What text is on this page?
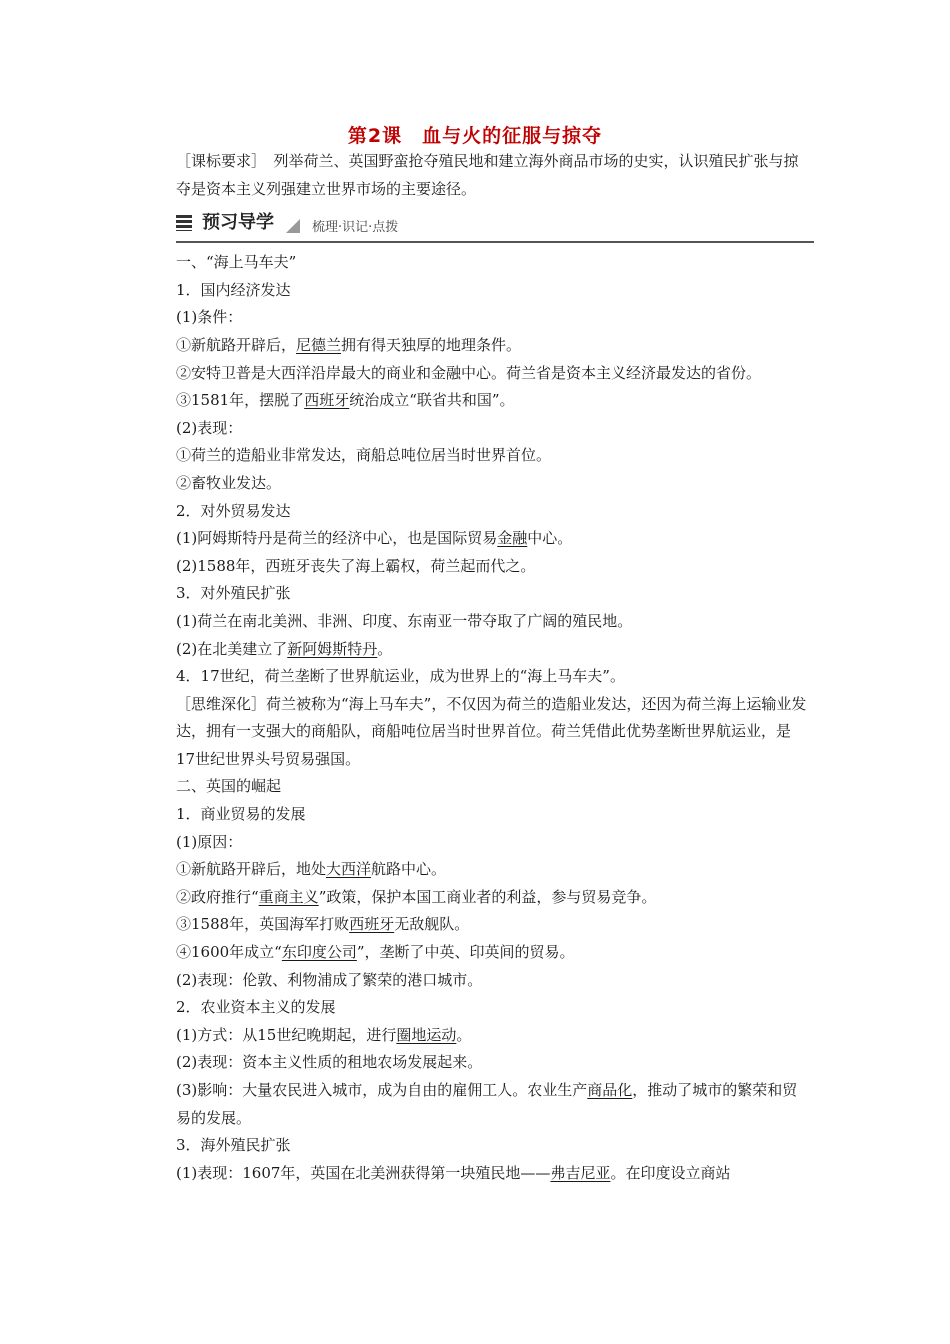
第2课　血与火的征服与掠夺

［课标要求］　列举荷兰、英国野蛮抢夺殖民地和建立海外商品市场的史实，认识殖民扩张与掠夺是资本主义列强建立世界市场的主要途径。

预习导学	梳理·识记·点拨

一、“海上马车夫”

1．国内经济发达

(1)条件：

①新航路开辟后，尼德兰拥有得天独厚的地理条件。

②安特卫普是大西洋沿岸最大的商业和金融中心。荷兰省是资本主义经济最发达的省份。

③1581年，摆脱了西班牙统治成立“联省共和国”。

(2)表现：

①荷兰的造船业非常发达，商船总吨位居当时世界首位。

②畜牧业发达。

2．对外贸易发达

(1)阿姆斯特丹是荷兰的经济中心，也是国际贸易金融中心。

(2)1588年，西班牙丧失了海上霸权，荷兰起而代之。

3．对外殖民扩张

(1)荷兰在南北美洲、非洲、印度、东南亚一带夺取了广阔的殖民地。

(2)在北美建立了新阿姆斯特丹。

4．17世纪，荷兰垄断了世界航运业，成为世界上的“海上马车夫”。

［思维深化］荷兰被称为“海上马车夫”，不仅因为荷兰的造船业发达，还因为荷兰海上运输业发达，拥有一支强大的商船队，商船吨位居当时世界首位。荷兰凭借此优势垄断世界航运业，是17世纪世界头号贸易强国。

二、英国的崛起

1．商业贸易的发展

(1)原因：

①新航路开辟后，地处大西洋航路中心。

②政府推行“重商主义”政策，保护本国工商业者的利益，参与贸易竞争。

③1588年，英国海军打败西班牙无敌舰队。

④1600年成立“东印度公司”，垄断了中英、印英间的贸易。

(2)表现：伦敦、利物浦成了繁荣的港口城市。

2．农业资本主义的发展

(1)方式：从15世纪晚期起，进行圈地运动。

(2)表现：资本主义性质的租地农场发展起来。

(3)影响：大量农民进入城市，成为自由的雇佣工人。农业生产商品化，推动了城市的繁荣和贸易的发展。

3．海外殖民扩张

(1)表现：1607年，英国在北美洲获得第一块殖民地——弗吉尼亚。在印度设立商站
